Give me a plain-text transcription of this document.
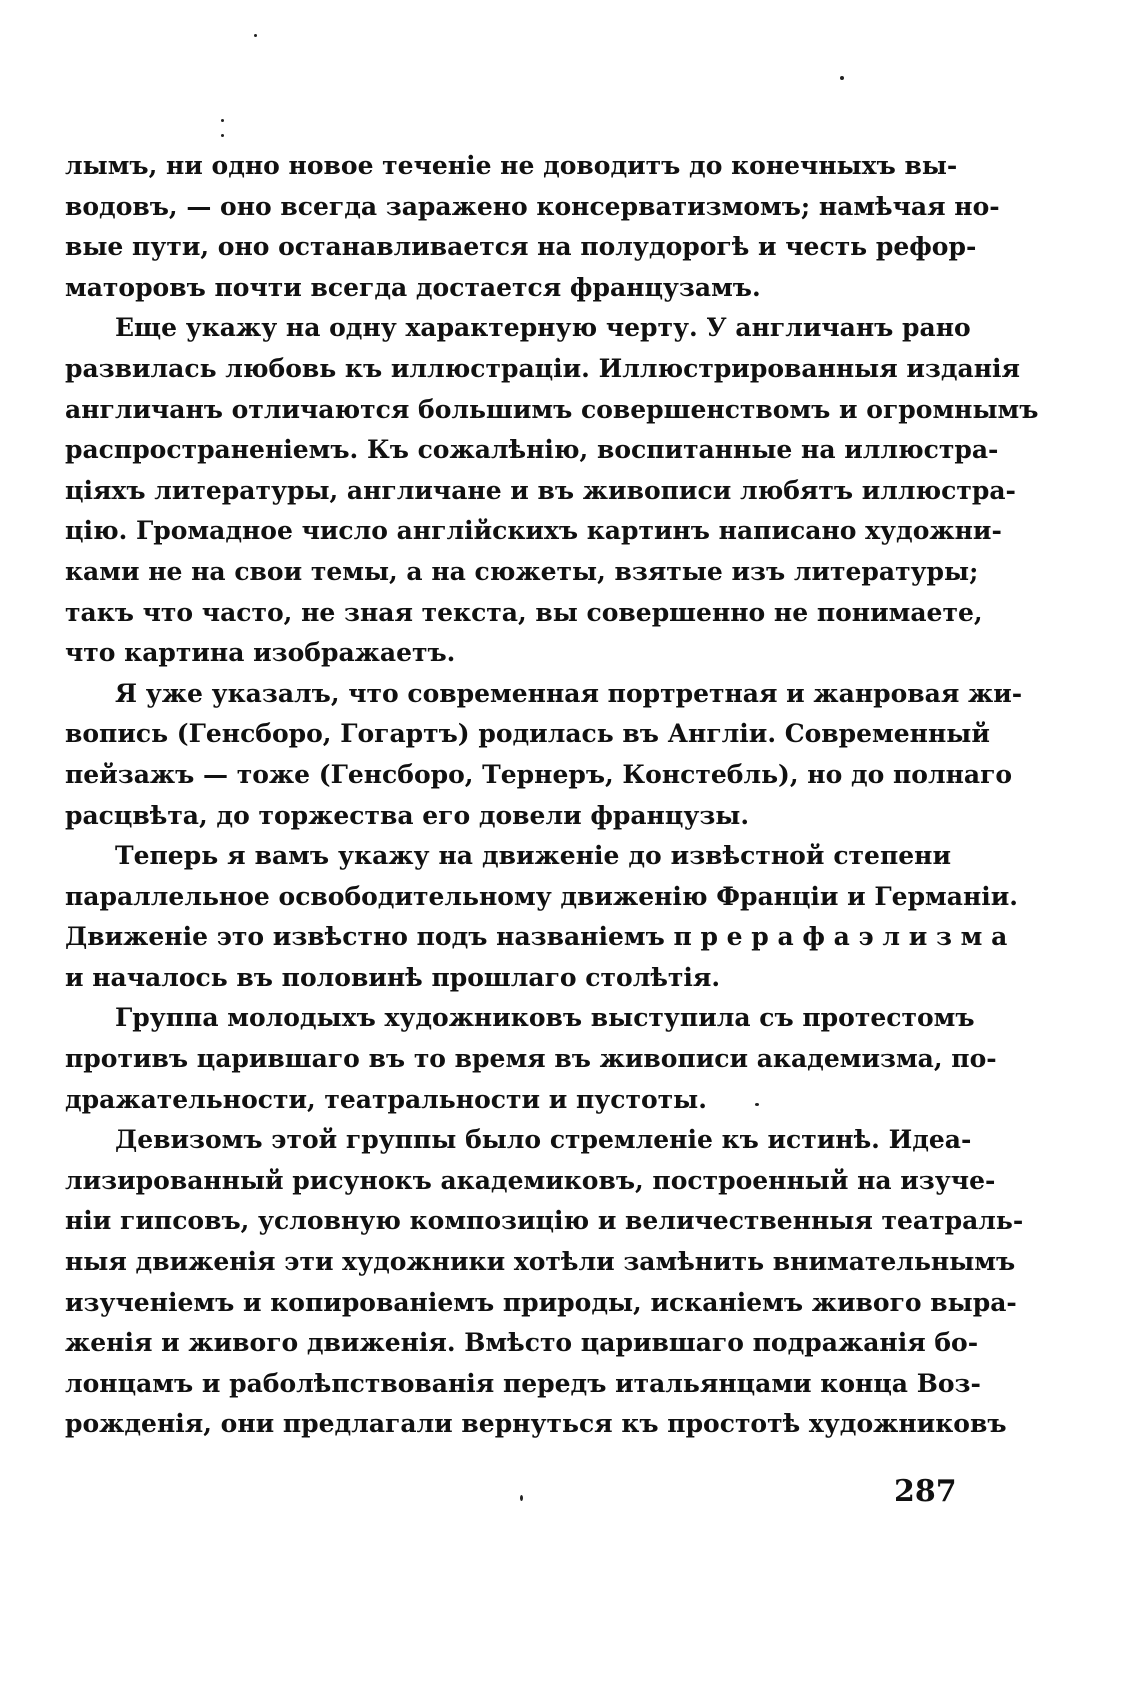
лымъ, ни одно новое теченіе не доводитъ до конечныхъ вы-
водовъ, — оно всегда заражено консерватизмомъ; намѣчая но-
вые пути, оно останавливается на полудорогѣ и честь рефор-
маторовъ почти всегда достается французамъ.
Еще укажу на одну характерную черту. У англичанъ рано
развилась любовь къ иллюстраціи. Иллюстрированныя изданія
англичанъ отличаются большимъ совершенствомъ и огромнымъ
распространеніемъ. Къ сожалѣнію, воспитанные на иллюстра-
ціяхъ литературы, англичане и въ живописи любятъ иллюстра-
цію. Громадное число англійскихъ картинъ написано художни-
ками не на свои темы, а на сюжеты, взятые изъ литературы;
такъ что часто, не зная текста, вы совершенно не понимаете,
что картина изображаетъ.
Я уже указалъ, что современная портретная и жанровая жи-
вопись (Генсборо, Гогартъ) родилась въ Англіи. Современный
пейзажъ — тоже (Генсборо, Тернеръ, Констебль), но до полнаго
расцвѣта, до торжества его довели французы.
Теперь я вамъ укажу на движеніе до извѣстной степени
параллельное освободительному движенію Франціи и Германіи.
Движеніе это извѣстно подъ названіемъ п р е р а ф а э л и з м а
и началось въ половинѣ прошлаго столѣтія.
Группа молодыхъ художниковъ выступила съ протестомъ
противъ царившаго въ то время въ живописи академизма, по-
дражательности, театральности и пустоты.
Девизомъ этой группы было стремленіе къ истинѣ. Идеа-
лизированный рисунокъ академиковъ, построенный на изуче-
ніи гипсовъ, условную композицію и величественныя театраль-
ныя движенія эти художники хотѣли замѣнить внимательнымъ
изученіемъ и копированіемъ природы, исканіемъ живого выра-
женія и живого движенія. Вмѣсто царившаго подражанія бо-
лонцамъ и раболѣпствованія передъ итальянцами конца Воз-
рожденія, они предлагали вернуться къ простотѣ художниковъ
287
